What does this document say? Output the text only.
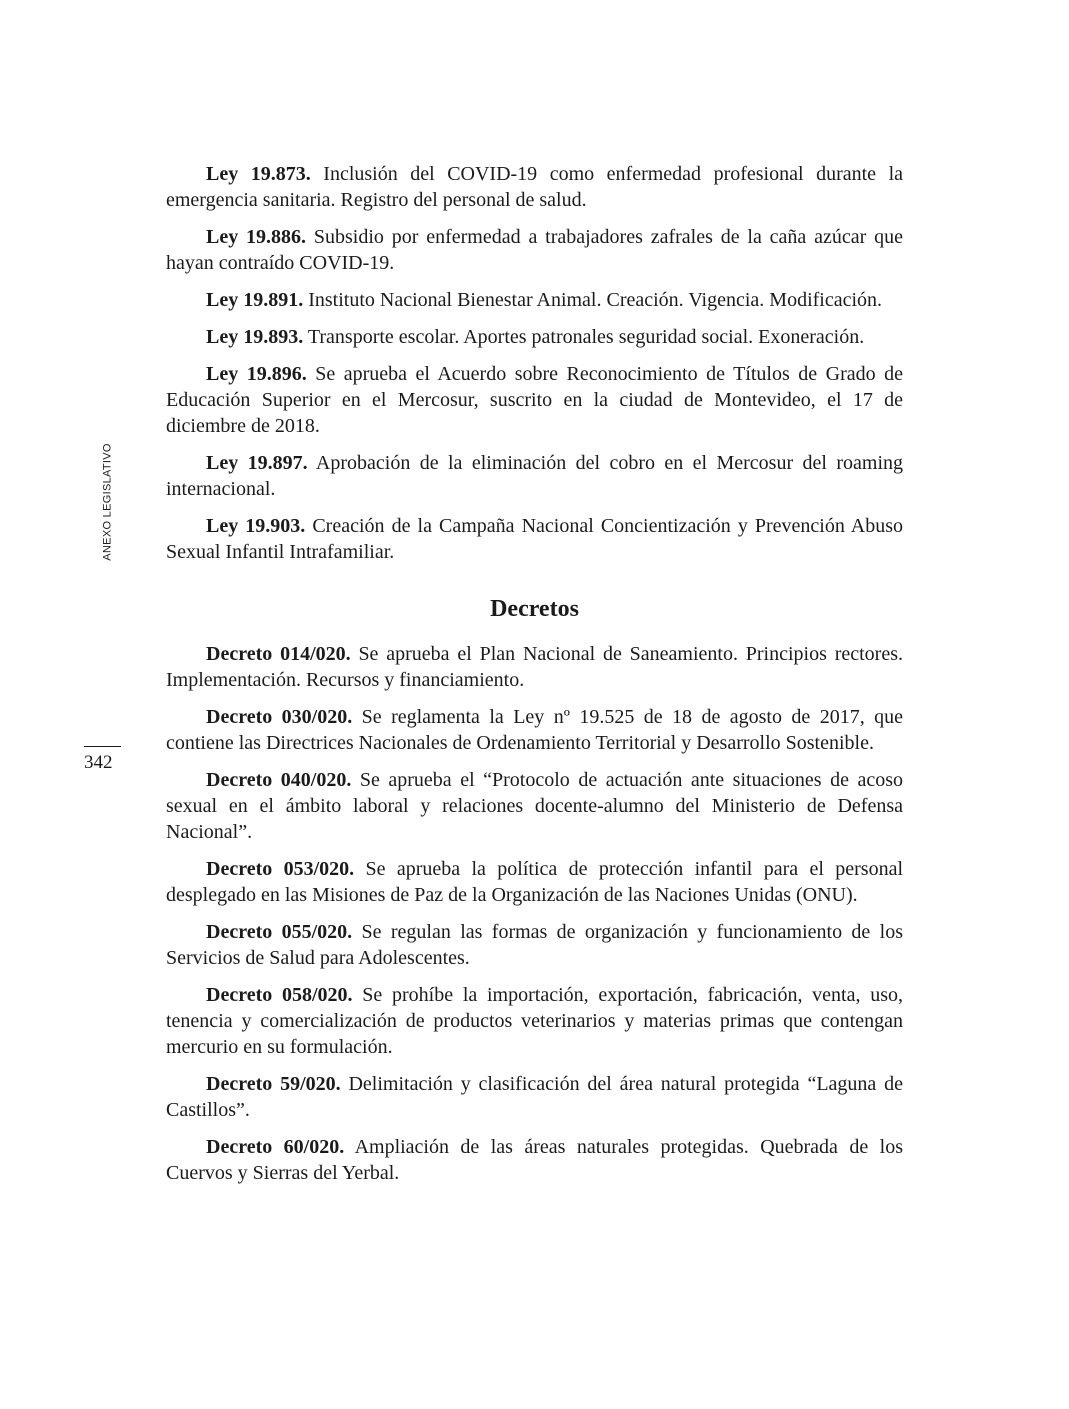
ANEXO LEGISLATIVO
342

Ley 19.873. Inclusión del COVID-19 como enfermedad profesional durante la emergencia sanitaria. Registro del personal de salud.

Ley 19.886. Subsidio por enfermedad a trabajadores zafrales de la caña azúcar que hayan contraído COVID-19.

Ley 19.891. Instituto Nacional Bienestar Animal. Creación. Vigencia. Modificación.

Ley 19.893. Transporte escolar. Aportes patronales seguridad social. Exoneración.

Ley 19.896. Se aprueba el Acuerdo sobre Reconocimiento de Títulos de Grado de Educación Superior en el Mercosur, suscrito en la ciudad de Montevideo, el 17 de diciembre de 2018.

Ley 19.897. Aprobación de la eliminación del cobro en el Mercosur del roaming internacional.

Ley 19.903. Creación de la Campaña Nacional Concientización y Prevención Abuso Sexual Infantil Intrafamiliar.

Decretos

Decreto 014/020. Se aprueba el Plan Nacional de Saneamiento. Principios rectores. Implementación. Recursos y financiamiento.

Decreto 030/020. Se reglamenta la Ley nº 19.525 de 18 de agosto de 2017, que contiene las Directrices Nacionales de Ordenamiento Territorial y Desarrollo Sostenible.

Decreto 040/020. Se aprueba el “Protocolo de actuación ante situaciones de acoso sexual en el ámbito laboral y relaciones docente-alumno del Ministerio de Defensa Nacional”.

Decreto 053/020. Se aprueba la política de protección infantil para el personal desplegado en las Misiones de Paz de la Organización de las Naciones Unidas (ONU).

Decreto 055/020. Se regulan las formas de organización y funcionamiento de los Servicios de Salud para Adolescentes.

Decreto 058/020. Se prohíbe la importación, exportación, fabricación, venta, uso, tenencia y comercialización de productos veterinarios y materias primas que contengan mercurio en su formulación.

Decreto 59/020. Delimitación y clasificación del área natural protegida “Laguna de Castillos”.

Decreto 60/020. Ampliación de las áreas naturales protegidas. Quebrada de los Cuervos y Sierras del Yerbal.
